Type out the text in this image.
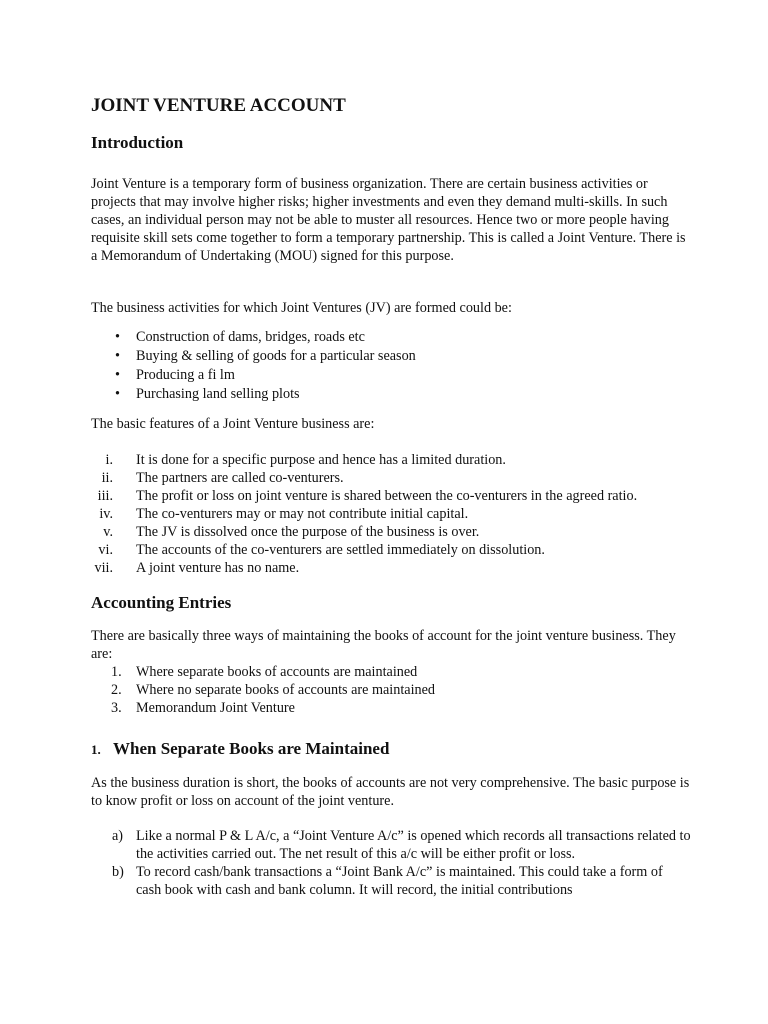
JOINT VENTURE ACCOUNT
Introduction

Joint Venture is a temporary form of business organization. There are certain business activities or projects that may involve higher risks; higher investments and even they demand multi-skills. In such cases, an individual person may not be able to muster all resources. Hence two or more people having requisite skill sets come together to form a temporary partnership. This is called a Joint Venture. There is a Memorandum of Undertaking (MOU) signed for this purpose.

The business activities for which Joint Ventures (JV) are formed could be:

• Construction of dams, bridges, roads etc
• Buying & selling of goods for a particular season
• Producing a fi lm
• Purchasing land selling plots

The basic features of a Joint Venture business are:

i. It is done for a specific purpose and hence has a limited duration.
ii. The partners are called co-venturers.
iii. The profit or loss on joint venture is shared between the co-venturers in the agreed ratio.
iv. The co-venturers may or may not contribute initial capital.
v. The JV is dissolved once the purpose of the business is over.
vi. The accounts of the co-venturers are settled immediately on dissolution.
vii. A joint venture has no name.
Accounting Entries

There are basically three ways of maintaining the books of account for the joint venture business. They are:

1. Where separate books of accounts are maintained
2. Where no separate books of accounts are maintained
3. Memorandum Joint Venture
1. When Separate Books are Maintained

As the business duration is short, the books of accounts are not very comprehensive. The basic purpose is to know profit or loss on account of the joint venture.

a) Like a normal P & L A/c, a “Joint Venture A/c” is opened which records all transactions related to the activities carried out. The net result of this a/c will be either profit or loss.
b) To record cash/bank transactions a “Joint Bank A/c” is maintained. This could take a form of cash book with cash and bank column. It will record, the initial contributions
